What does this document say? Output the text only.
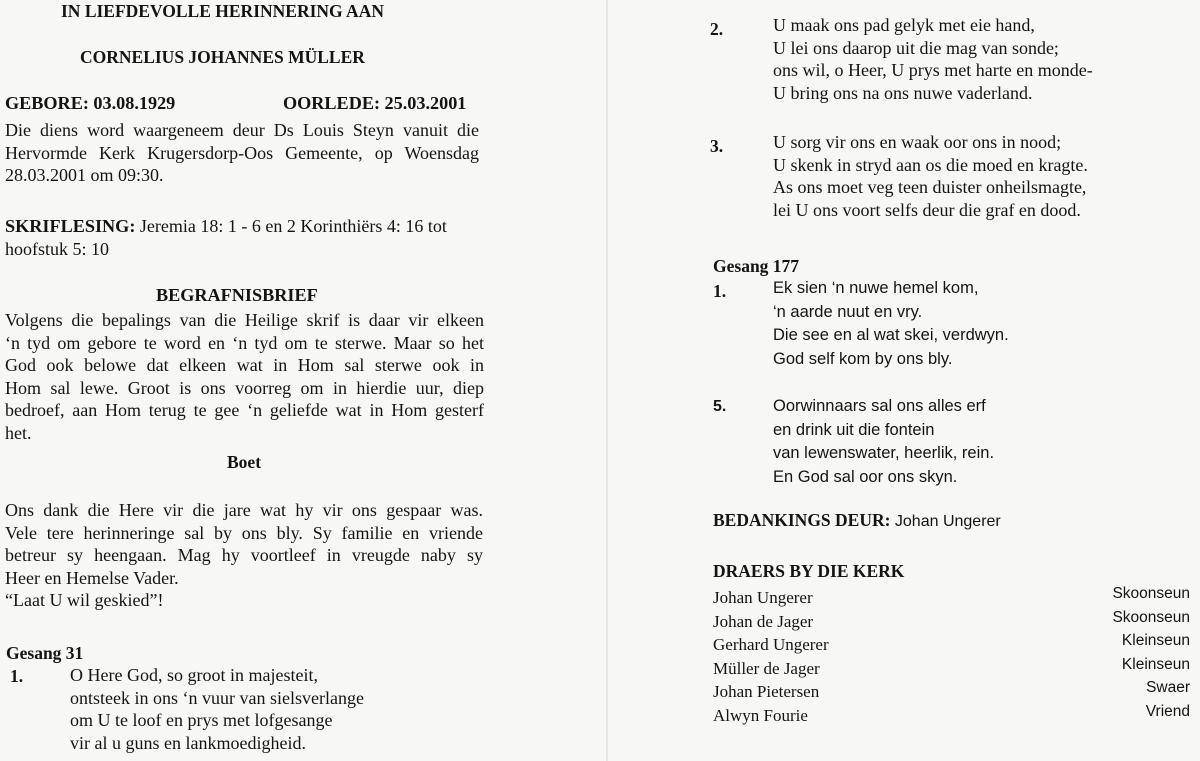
IN LIEFDEVOLLE HERINNERING AAN
CORNELIUS JOHANNES MÜLLER
GEBORE: 03.08.1929	OORLEDE: 25.03.2001
Die diens word waargeneem deur Ds Louis Steyn vanuit die
Hervormde Kerk Krugersdorp-Oos Gemeente, op Woensdag
28.03.2001 om 09:30.
SKRIFLESING: Jeremia 18: 1 - 6 en 2 Korinthiërs 4: 16 tot
hoofstuk 5: 10
BEGRAFNISBRIEF
Volgens die bepalings van die Heilige skrif is daar vir elkeen
‘n tyd om gebore te word en ‘n tyd om te sterwe. Maar so het
God ook belowe dat elkeen wat in Hom sal sterwe ook in
Hom sal lewe. Groot is ons voorreg om in hierdie uur, diep
bedroef, aan Hom terug te gee ‘n geliefde wat in Hom gesterf
het.
Boet
Ons dank die Here vir die jare wat hy vir ons gespaar was.
Vele tere herinneringe sal by ons bly. Sy familie en vriende
betreur sy heengaan. Mag hy voortleef in vreugde naby sy
Heer en Hemelse Vader.
“Laat U wil geskied”!
Gesang 31
1.	O Here God, so groot in majesteit,
ontsteek in ons ‘n vuur van sielsverlange
om U te loof en prys met lofgesange
vir al u guns en lankmoedigheid.
2.	U maak ons pad gelyk met eie hand,
U lei ons daarop uit die mag van sonde;
ons wil, o Heer, U prys met harte en monde-
U bring ons na ons nuwe vaderland.
3.	U sorg vir ons en waak oor ons in nood;
U skenk in stryd aan os die moed en kragte.
As ons moet veg teen duister onheilsmagte,
lei U ons voort selfs deur die graf en dood.
Gesang 177
1.	Ek sien ‘n nuwe hemel kom,
‘n aarde nuut en vry.
Die see en al wat skei, verdwyn.
God self kom by ons bly.
5.	Oorwinnaars sal ons alles erf
en drink uit die fontein
van lewenswater, heerlik, rein.
En God sal oor ons skyn.
BEDANKINGS DEUR: Johan Ungerer
DRAERS BY DIE KERK
Johan Ungerer	Skoonseun
Johan de Jager	Skoonseun
Gerhard Ungerer	Kleinseun
Müller de Jager	Kleinseun
Johan Pietersen	Swaer
Alwyn Fourie	Vriend
